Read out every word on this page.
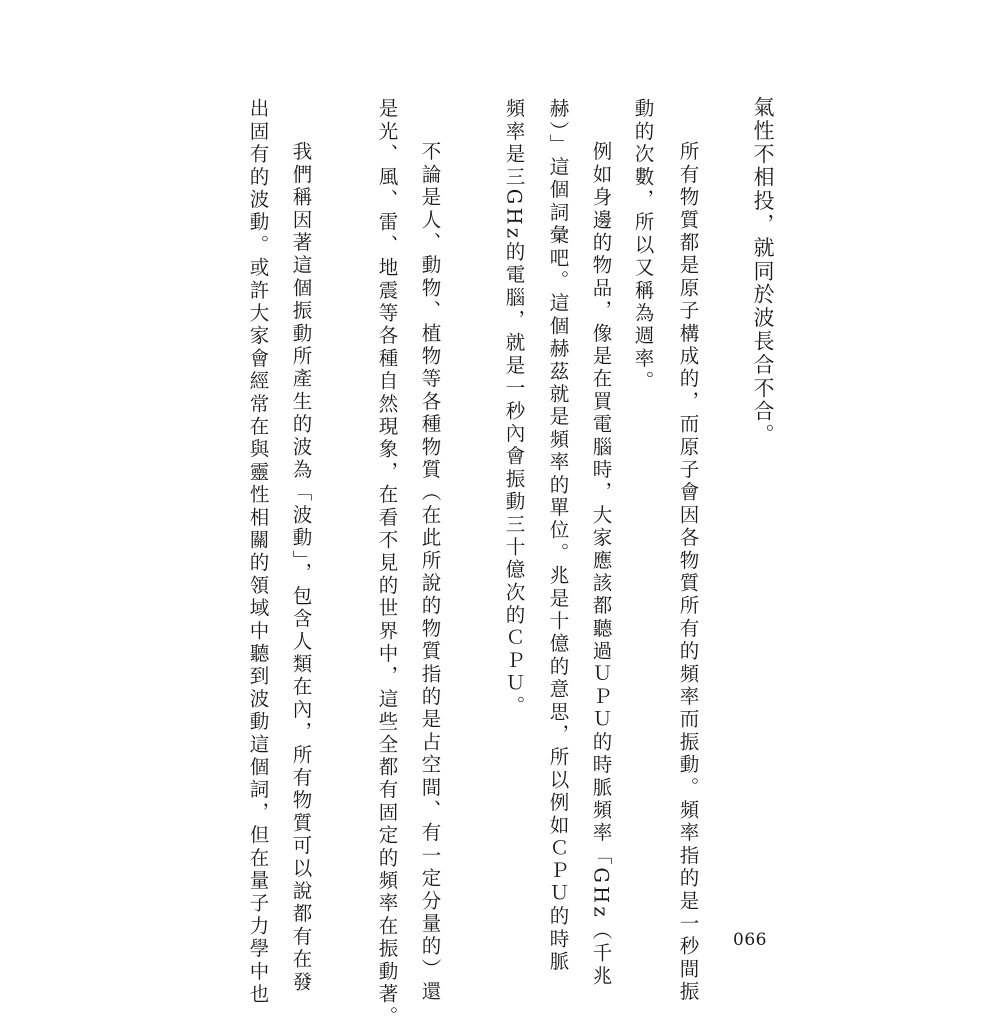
氣性不相投，就同於波長合不合。
所有物質都是原子構成的，而原子會因各物質所有的頻率而振動。頻率指的是一秒間振
動的次數，所以又稱為週率。
例如身邊的物品，像是在買電腦時，大家應該都聽過ＵＰＵ的時脈頻率「GHz（千兆
赫）」這個詞彙吧。這個赫茲就是頻率的單位。兆是十億的意思，所以例如ＣＰＵ的時脈
頻率是三GHz的電腦，就是一秒內會振動三十億次的ＣＰＵ。
不論是人、動物、植物等各種物質（在此所說的物質指的是占空間、有一定分量的）還
是光、風、雷、地震等各種自然現象，在看不見的世界中，這些全都有固定的頻率在振動著。
我們稱因著這個振動所產生的波為「波動」，包含人類在內，所有物質可以說都有在發
出固有的波動。或許大家會經常在與靈性相關的領域中聽到波動這個詞，但在量子力學中也	066
